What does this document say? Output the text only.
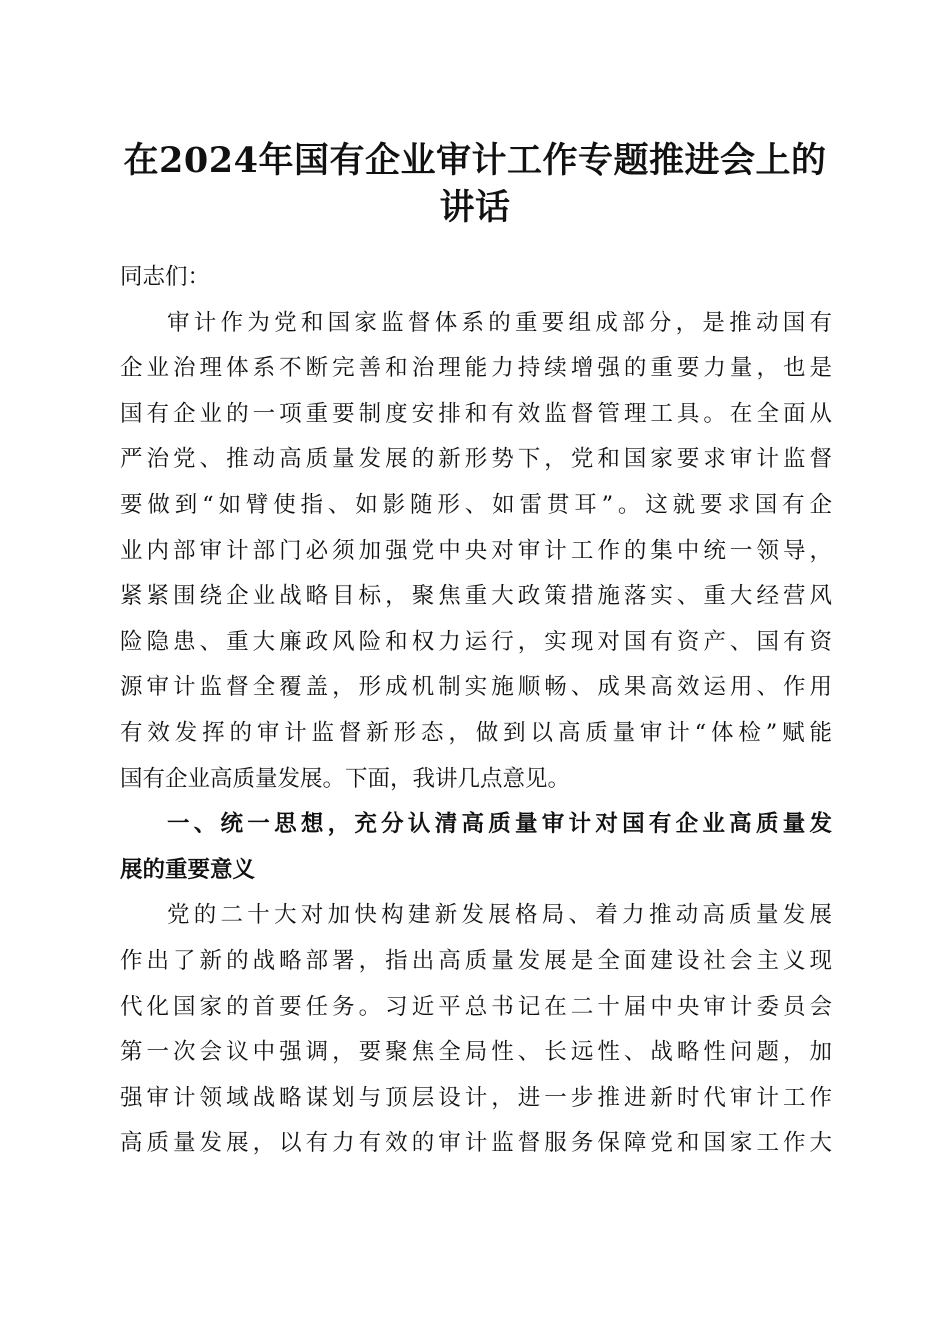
在2024年国有企业审计工作专题推进会上的
讲话
同志们：
审计作为党和国家监督体系的重要组成部分，是推动国有
企业治理体系不断完善和治理能力持续增强的重要力量，也是
国有企业的一项重要制度安排和有效监督管理工具。在全面从
严治党、推动高质量发展的新形势下，党和国家要求审计监督
要做到“如臂使指、如影随形、如雷贯耳”。这就要求国有企
业内部审计部门必须加强党中央对审计工作的集中统一领导，
紧紧围绕企业战略目标，聚焦重大政策措施落实、重大经营风
险隐患、重大廉政风险和权力运行，实现对国有资产、国有资
源审计监督全覆盖，形成机制实施顺畅、成果高效运用、作用
有效发挥的审计监督新形态，做到以高质量审计“体检”赋能
国有企业高质量发展。下面，我讲几点意见。
一、统一思想，充分认清高质量审计对国有企业高质量发
展的重要意义
党的二十大对加快构建新发展格局、着力推动高质量发展
作出了新的战略部署，指出高质量发展是全面建设社会主义现
代化国家的首要任务。习近平总书记在二十届中央审计委员会
第一次会议中强调，要聚焦全局性、长远性、战略性问题，加
强审计领域战略谋划与顶层设计，进一步推进新时代审计工作
高质量发展，以有力有效的审计监督服务保障党和国家工作大
